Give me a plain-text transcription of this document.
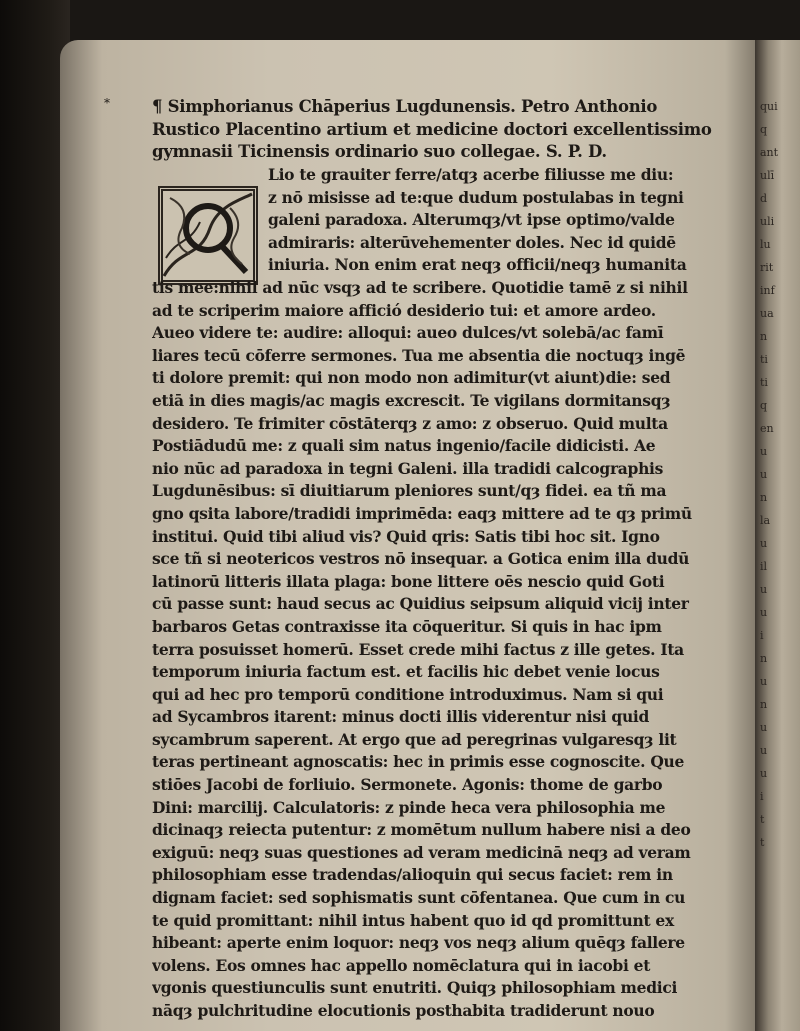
qui
q
ant
ulī
d
uli
lu
rit
inf
ua
n
ti
ti
q
en
u
u
n
la
u
il
u
u
i
n
u
n
u
u
u
i
t
t
*	¶ Simphorianus Chāperius Lugdunensis. Petro Anthonio
Rustico Placentino artium et medicine doctori excellentissimo
gymnasii Ticinensis ordinario suo collegae. S. P. D.
Lio te grauiter ferre/atqȝ acerbe filiusse me diu:
z nō misisse ad te:que dudum postulabas in tegni
galeni paradoxa. Alterumqȝ/vt ipse optimo/valde
admiraris: alterūvehementer doles. Nec id quidē
iniuria. Non enim erat neqȝ officii/neqȝ humanita
tis mee:nihil ad nūc vsqȝ ad te scribere. Quotidie tamē z si nihil
ad te scriperim maiore affició desiderio tui: et amore ardeo.
Aueo videre te: audire: alloqui: aueo dulces/vt solebā/ac famī
liares tecū cōferre sermones. Tua me absentia die noctuqȝ ingē
ti dolore premit: qui non modo non adimitur(vt aiunt)die: sed
etiā in dies magis/ac magis excrescit. Te vigilans dormitansqȝ
desidero. Te frimiter cōstāterqȝ z amo: z obseruo. Quid multa
Postiādudū me: z quali sim natus ingenio/facile didicisti. Ae
nio nūc ad paradoxa in tegni Galeni. illa tradidi calcographis
Lugdunēsibus: sī diuitiarum pleniores sunt/qȝ fidei. ea tñ ma
gno qsita labore/tradidi imprimēda: eaqȝ mittere ad te qȝ primū
institui. Quid tibi aliud vis? Quid qris: Satis tibi hoc sit. Igno
sce tñ si neotericos vestros nō insequar. a Gotica enim illa dudū
latinorū litteris illata plaga: bone littere oēs nescio quid Goti
cū passe sunt: haud secus ac Quidius seipsum aliquid vicij inter
barbaros Getas contraxisse ita cōqueritur. Si quis in hac ipm
terra posuisset homerū. Esset crede mihi factus z ille getes. Ita
temporum iniuria factum est. et facilis hic debet venie locus
qui ad hec pro temporū conditione introduximus. Nam si qui
ad Sycambros itarent: minus docti illis viderentur nisi quid
sycambrum saperent. At ergo que ad peregrinas vulgaresqȝ lit
teras pertineant agnoscatis: hec in primis esse cognoscite. Que
stiōes Jacobi de forliuio. Sermonete. Agonis: thome de garbo
Dini: marcilij. Calculatoris: z pinde heca vera philosophia me
dicinaqȝ reiecta putentur: z momētum nullum habere nisi a deo
exiguū: neqȝ suas questiones ad veram medicinā neqȝ ad veram
philosophiam esse tradendas/alioquin qui secus faciet: rem in
dignam faciet: sed sophismatis sunt cōfentanea. Que cum in cu
te quid promittant: nihil intus habent quo id qd promittunt ex
hibeant: aperte enim loquor: neqȝ vos neqȝ alium quēqȝ fallere
volens. Eos omnes hac appello nomēclatura qui in iacobi et
vgonis questiunculis sunt enutriti. Quiqȝ philosophiam medici
nāqȝ pulchritudine elocutionis posthabita tradiderunt nouo
